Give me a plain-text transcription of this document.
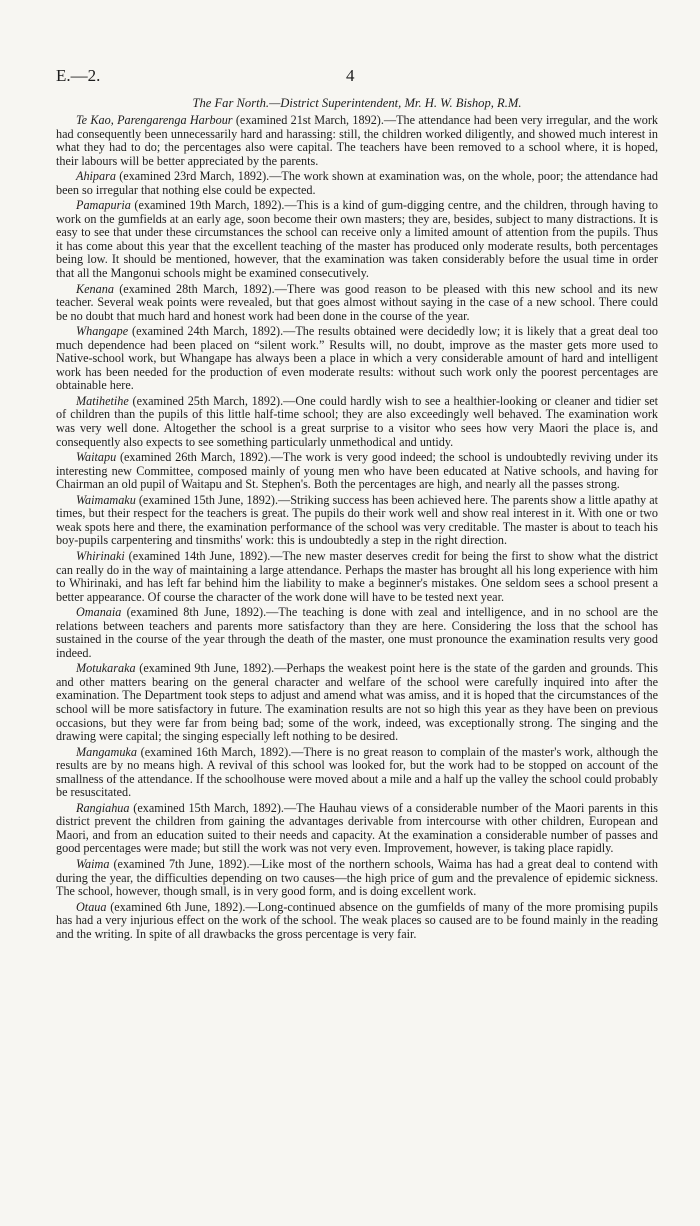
E.—2.	4
The Far North.—District Superintendent, Mr. H. W. Bishop, R.M.

Te Kao, Parengarenga Harbour (examined 21st March, 1892).—The attendance had been very irregular, and the work had consequently been unnecessarily hard and harassing: still, the children worked diligently, and showed much interest in what they had to do; the percentages also were capital. The teachers have been removed to a school where, it is hoped, their labours will be better appreciated by the parents.

Ahipara (examined 23rd March, 1892).—The work shown at examination was, on the whole, poor; the attendance had been so irregular that nothing else could be expected.

Pamapuria (examined 19th March, 1892).—This is a kind of gum-digging centre, and the children, through having to work on the gumfields at an early age, soon become their own masters; they are, besides, subject to many distractions. It is easy to see that under these circumstances the school can receive only a limited amount of attention from the pupils. Thus it has come about this year that the excellent teaching of the master has produced only moderate results, both percentages being low. It should be mentioned, however, that the examination was taken considerably before the usual time in order that all the Mangonui schools might be examined consecutively.

Kenana (examined 28th March, 1892).—There was good reason to be pleased with this new school and its new teacher. Several weak points were revealed, but that goes almost without saying in the case of a new school. There could be no doubt that much hard and honest work had been done in the course of the year.

Whangape (examined 24th March, 1892).—The results obtained were decidedly low; it is likely that a great deal too much dependence had been placed on “silent work.” Results will, no doubt, improve as the master gets more used to Native-school work, but Whangape has always been a place in which a very considerable amount of hard and intelligent work has been needed for the production of even moderate results: without such work only the poorest percentages are obtainable here.

Matihetihe (examined 25th March, 1892).—One could hardly wish to see a healthier-looking or cleaner and tidier set of children than the pupils of this little half-time school; they are also exceedingly well behaved. The examination work was very well done. Altogether the school is a great surprise to a visitor who sees how very Maori the place is, and consequently also expects to see something particularly unmethodical and untidy.

Waitapu (examined 26th March, 1892).—The work is very good indeed; the school is undoubtedly reviving under its interesting new Committee, composed mainly of young men who have been educated at Native schools, and having for Chairman an old pupil of Waitapu and St. Stephen's. Both the percentages are high, and nearly all the passes strong.

Waimamaku (examined 15th June, 1892).—Striking success has been achieved here. The parents show a little apathy at times, but their respect for the teachers is great. The pupils do their work well and show real interest in it. With one or two weak spots here and there, the examination performance of the school was very creditable. The master is about to teach his boy-pupils carpentering and tinsmiths' work: this is undoubtedly a step in the right direction.

Whirinaki (examined 14th June, 1892).—The new master deserves credit for being the first to show what the district can really do in the way of maintaining a large attendance. Perhaps the master has brought all his long experience with him to Whirinaki, and has left far behind him the liability to make a beginner's mistakes. One seldom sees a school present a better appearance. Of course the character of the work done will have to be tested next year.

Omanaia (examined 8th June, 1892).—The teaching is done with zeal and intelligence, and in no school are the relations between teachers and parents more satisfactory than they are here. Considering the loss that the school has sustained in the course of the year through the death of the master, one must pronounce the examination results very good indeed.

Motukaraka (examined 9th June, 1892).—Perhaps the weakest point here is the state of the garden and grounds. This and other matters bearing on the general character and welfare of the school were carefully inquired into after the examination. The Department took steps to adjust and amend what was amiss, and it is hoped that the circumstances of the school will be more satisfactory in future. The examination results are not so high this year as they have been on previous occasions, but they were far from being bad; some of the work, indeed, was exceptionally strong. The singing and the drawing were capital; the singing especially left nothing to be desired.

Mangamuka (examined 16th March, 1892).—There is no great reason to complain of the master's work, although the results are by no means high. A revival of this school was looked for, but the work had to be stopped on account of the smallness of the attendance. If the schoolhouse were moved about a mile and a half up the valley the school could probably be resuscitated.

Rangiahua (examined 15th March, 1892).—The Hauhau views of a considerable number of the Maori parents in this district prevent the children from gaining the advantages derivable from intercourse with other children, European and Maori, and from an education suited to their needs and capacity. At the examination a considerable number of passes and good percentages were made; but still the work was not very even. Improvement, however, is taking place rapidly.

Waima (examined 7th June, 1892).—Like most of the northern schools, Waima has had a great deal to contend with during the year, the difficulties depending on two causes—the high price of gum and the prevalence of epidemic sickness. The school, however, though small, is in very good form, and is doing excellent work.

Otaua (examined 6th June, 1892).—Long-continued absence on the gumfields of many of the more promising pupils has had a very injurious effect on the work of the school. The weak places so caused are to be found mainly in the reading and the writing. In spite of all drawbacks the gross percentage is very fair.
